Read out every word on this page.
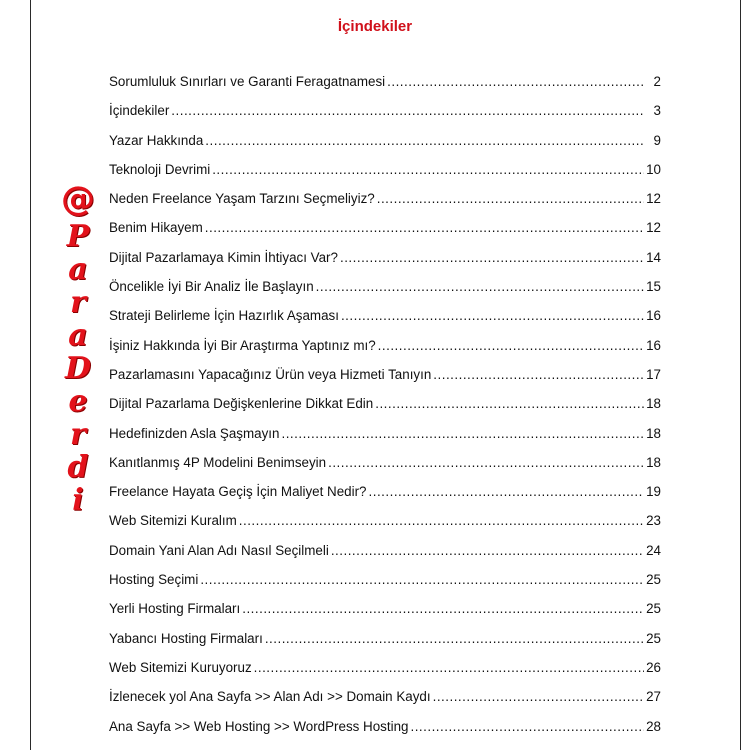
İçindekiler
@
P
a
r
a
D
e
r
d
i
Sorumluluk Sınırları ve Garanti Feragatnamesi .....	2
İçindekiler .....	3
Yazar Hakkında .....	9
Teknoloji Devrimi .....	10
Neden Freelance Yaşam Tarzını Seçmeliyiz? .....	12
Benim Hikayem .....	12
Dijital Pazarlamaya Kimin İhtiyacı Var? .....	14
Öncelikle İyi Bir Analiz İle Başlayın .....	15
Strateji Belirleme İçin Hazırlık Aşaması .....	16
İşiniz Hakkında İyi Bir Araştırma Yaptınız mı? .....	16
Pazarlamasını Yapacağınız Ürün veya Hizmeti Tanıyın .....	17
Dijital Pazarlama Değişkenlerine Dikkat Edin .....	18
Hedefinizden Asla Şaşmayın .....	18
Kanıtlanmış 4P Modelini Benimseyin .....	18
Freelance Hayata Geçiş İçin Maliyet Nedir? .....	19
Web Sitemizi Kuralım .....	23
Domain Yani Alan Adı Nasıl Seçilmeli .....	24
Hosting Seçimi .....	25
Yerli Hosting Firmaları .....	25
Yabancı Hosting Firmaları .....	25
Web Sitemizi Kuruyoruz .....	26
İzlenecek yol Ana Sayfa >> Alan Adı >> Domain Kaydı .....	27
Ana Sayfa >> Web Hosting >> WordPress Hosting .....	28
